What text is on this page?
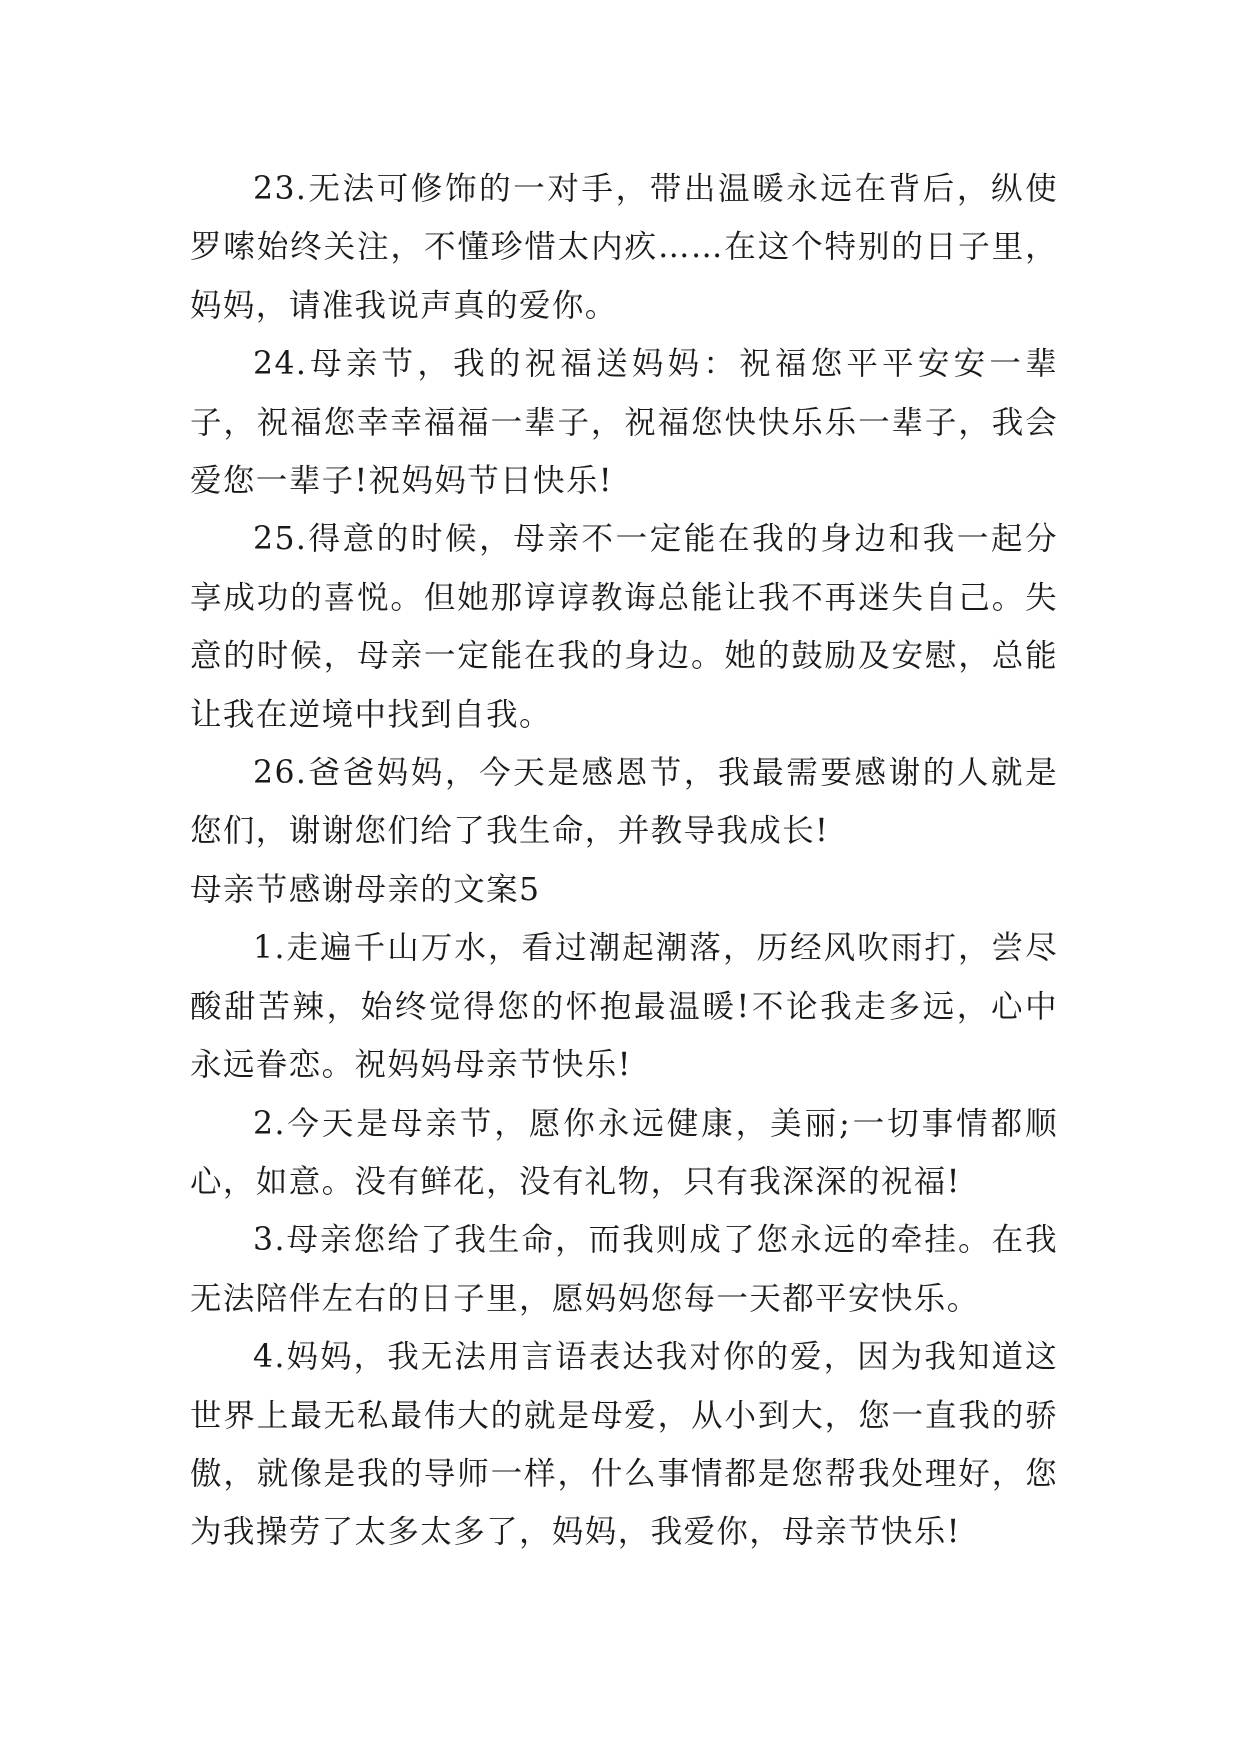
23.无法可修饰的一对手，带出温暖永远在背后，纵使罗嗦始终关注，不懂珍惜太内疚……在这个特别的日子里，妈妈，请准我说声真的爱你。

24.母亲节，我的祝福送妈妈：祝福您平平安安一辈子，祝福您幸幸福福一辈子，祝福您快快乐乐一辈子，我会爱您一辈子!祝妈妈节日快乐!

25.得意的时候，母亲不一定能在我的身边和我一起分享成功的喜悦。但她那谆谆教诲总能让我不再迷失自己。失意的时候，母亲一定能在我的身边。她的鼓励及安慰，总能让我在逆境中找到自我。

26.爸爸妈妈，今天是感恩节，我最需要感谢的人就是您们，谢谢您们给了我生命，并教导我成长!

母亲节感谢母亲的文案5

1.走遍千山万水，看过潮起潮落，历经风吹雨打，尝尽酸甜苦辣，始终觉得您的怀抱最温暖!不论我走多远，心中永远眷恋。祝妈妈母亲节快乐!

2.今天是母亲节，愿你永远健康，美丽;一切事情都顺心，如意。没有鲜花，没有礼物，只有我深深的祝福!

3.母亲您给了我生命，而我则成了您永远的牵挂。在我无法陪伴左右的日子里，愿妈妈您每一天都平安快乐。

4.妈妈，我无法用言语表达我对你的爱，因为我知道这世界上最无私最伟大的就是母爱，从小到大，您一直我的骄傲，就像是我的导师一样，什么事情都是您帮我处理好，您为我操劳了太多太多了，妈妈，我爱你，母亲节快乐!
